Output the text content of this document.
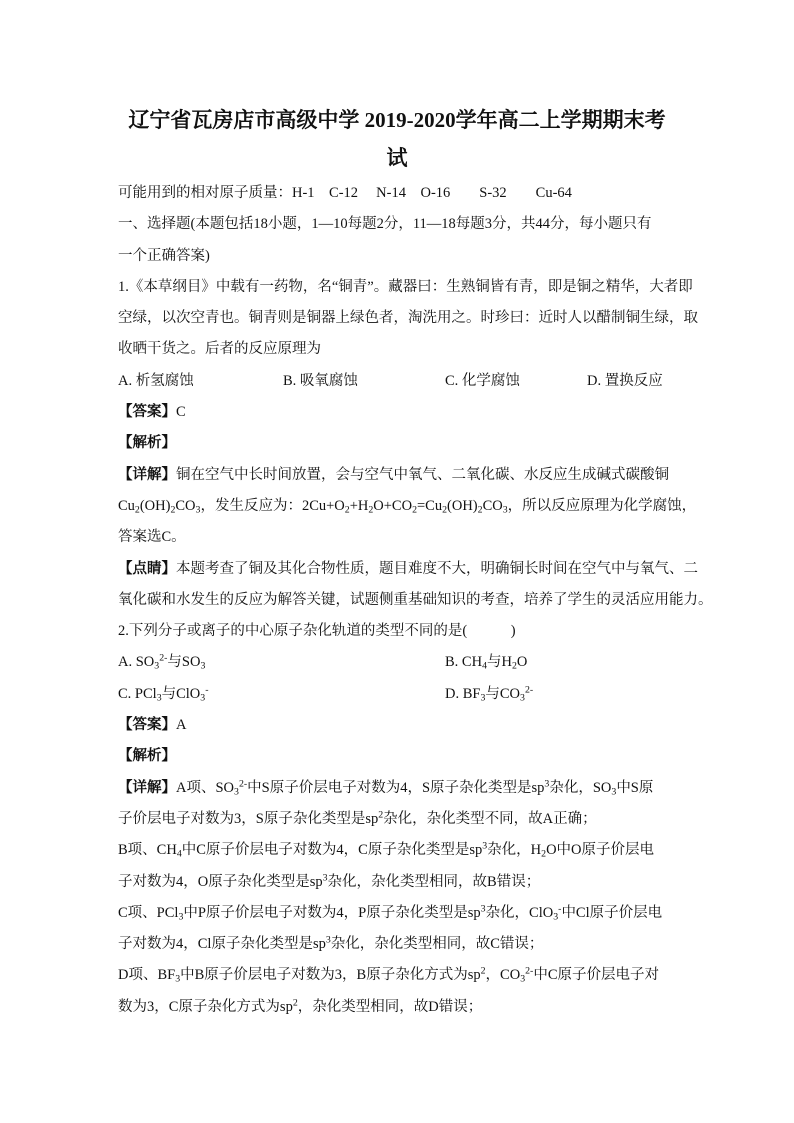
辽宁省瓦房店市高级中学 2019-2020学年高二上学期期末考
试
可能用到的相对原子质量：H-1　C-12　 N-14　O-16　　S-32　　Cu-64
一、选择题(本题包括18小题，1—10每题2分，11—18每题3分，共44分，每小题只有
一个正确答案)
1.《本草纲目》中载有一药物，名“铜青”。藏器曰：生熟铜皆有青，即是铜之精华，大者即
空绿，以次空青也。铜青则是铜器上绿色者，淘洗用之。时珍曰：近时人以醋制铜生绿，取
收晒干货之。后者的反应原理为
A. 析氢腐蚀	B. 吸氧腐蚀	C. 化学腐蚀	D. 置换反应
【答案】C
【解析】
【详解】铜在空气中长时间放置，会与空气中氧气、二氧化碳、水反应生成碱式碳酸铜
$Cu_2(OH)_2CO_3$，发生反应为：$2Cu+O_2+H_2O+CO_2=Cu_2(OH)_2CO_3$，所以反应原理为化学腐蚀，
答案选C。
【点睛】本题考查了铜及其化合物性质，题目难度不大，明确铜长时间在空气中与氧气、二
氧化碳和水发生的反应为解答关键，试题侧重基础知识的考查，培养了学生的灵活应用能力。
2.下列分子或离子的中心原子杂化轨道的类型不同的是(　　　)
A. $SO_3^{2-}$与$SO_3$	B. $CH_4$与$H_2O$
C. PCl$_3$与ClO$_3$-	D. $BF_3$与$CO_3^{2-}$
【答案】A
【解析】
【详解】A项、$SO_3^{2-}$中S原子价层电子对数为4，S原子杂化类型是$sp^3$杂化，$SO_3$中S原
子价层电子对数为3，S原子杂化类型是$sp^2$杂化，杂化类型不同，故A正确；
B项、$CH_4$中C原子价层电子对数为4，C原子杂化类型是$sp^3$杂化，$H_2O$中O原子价层电
子对数为4，O原子杂化类型是$sp^3$杂化，杂化类型相同，故B错误；
C项、PCl$_3$中P原子价层电子对数为4，P原子杂化类型是$sp^3$杂化，ClO$_3$-中Cl原子价层电
子对数为4，Cl原子杂化类型是$sp^3$杂化，杂化类型相同，故C错误；
D项、$BF_3$中B原子价层电子对数为3，B原子杂化方式为$sp^2$，$CO_3^{2-}$中C原子价层电子对
数为3，C原子杂化方式为$sp^2$，杂化类型相同，故D错误；
